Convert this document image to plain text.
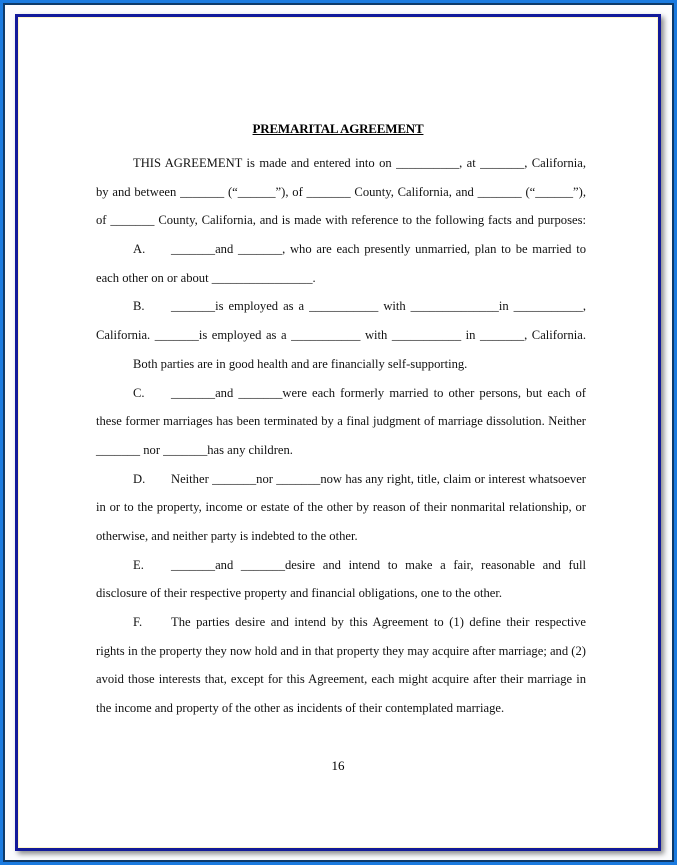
PREMARITAL AGREEMENT
THIS AGREEMENT is made and entered into on __________, at _______, California,
by and between _______ (“______”), of _______ County, California, and _______ (“______”),
of _______ County, California, and is made with reference to the following facts and purposes:
A. _______and _______, who are each presently unmarried, plan to be married to
each other on or about ________________.
B. _______is employed as a ___________ with ______________in ___________,
California. _______is employed as a ___________ with ___________ in _______, California.
Both parties are in good health and are financially self-supporting.
C. _______and _______were each formerly married to other persons, but each of
these former marriages has been terminated by a final judgment of marriage dissolution. Neither
_______ nor _______has any children.
D. Neither _______nor _______now has any right, title, claim or interest whatsoever
in or to the property, income or estate of the other by reason of their nonmarital relationship, or
otherwise, and neither party is indebted to the other.
E. _______and _______desire and intend to make a fair, reasonable and full
disclosure of their respective property and financial obligations, one to the other.
F. The parties desire and intend by this Agreement to (1) define their respective
rights in the property they now hold and in that property they may acquire after marriage; and (2)
avoid those interests that, except for this Agreement, each might acquire after their marriage in
the income and property of the other as incidents of their contemplated marriage.
16
